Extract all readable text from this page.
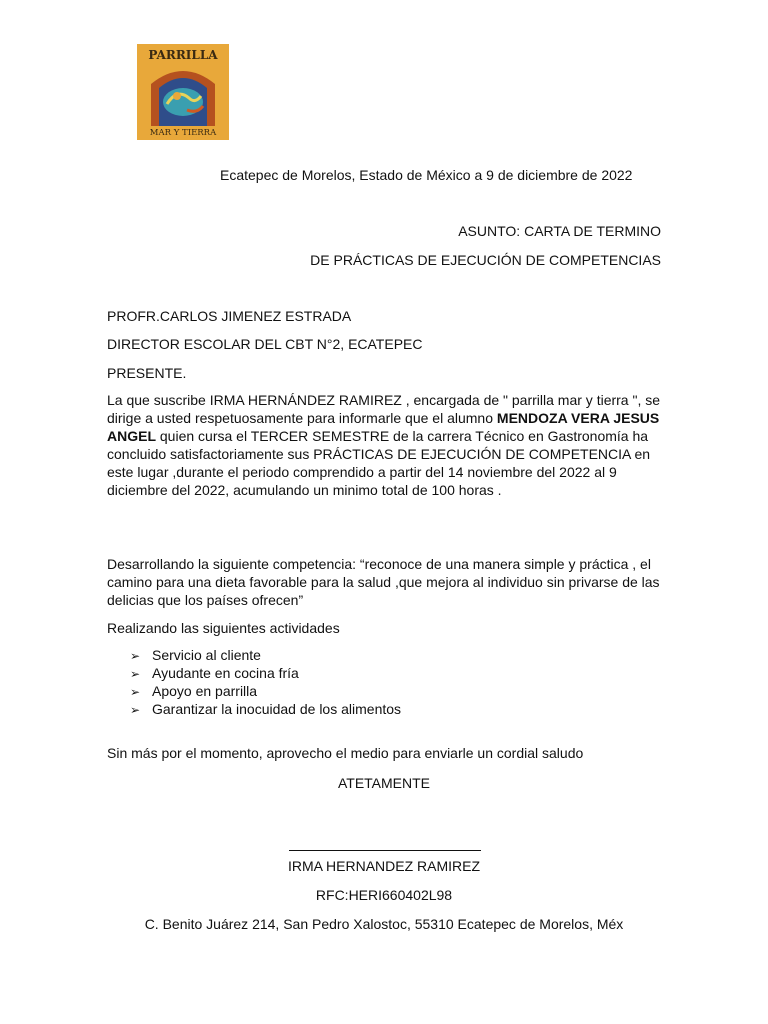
PARRILLA
MAR Y TIERRA
Ecatepec de Morelos, Estado de México a 9 de diciembre de 2022
ASUNTO: CARTA DE TERMINO
DE PRÁCTICAS DE EJECUCIÓN DE COMPETENCIAS
PROFR.CARLOS JIMENEZ ESTRADA
DIRECTOR ESCOLAR DEL CBT N°2, ECATEPEC
PRESENTE.
La que suscribe IRMA HERNÁNDEZ RAMIREZ , encargada de " parrilla mar y tierra ", se dirige a usted respetuosamente para informarle que el alumno MENDOZA VERA JESUS ANGEL quien cursa el TERCER SEMESTRE de la carrera Técnico en Gastronomía ha concluido satisfactoriamente sus PRÁCTICAS DE EJECUCIÓN DE COMPETENCIA en este lugar ,durante el periodo comprendido a partir del 14 noviembre del 2022 al 9 diciembre del 2022, acumulando un minimo total de 100 horas .
Desarrollando la siguiente competencia: “reconoce de una manera simple y práctica , el camino para una dieta favorable para la salud ,que mejora al individuo sin privarse de las delicias que los países ofrecen”
Realizando las siguientes actividades
➢ Servicio al cliente
➢ Ayudante en cocina fría
➢ Apoyo en parrilla
➢ Garantizar la inocuidad de los alimentos
Sin más por el momento, aprovecho el medio para enviarle un cordial saludo
ATETAMENTE
IRMA HERNANDEZ RAMIREZ
RFC:HERI660402L98
C. Benito Juárez 214, San Pedro Xalostoc, 55310 Ecatepec de Morelos, Méx
